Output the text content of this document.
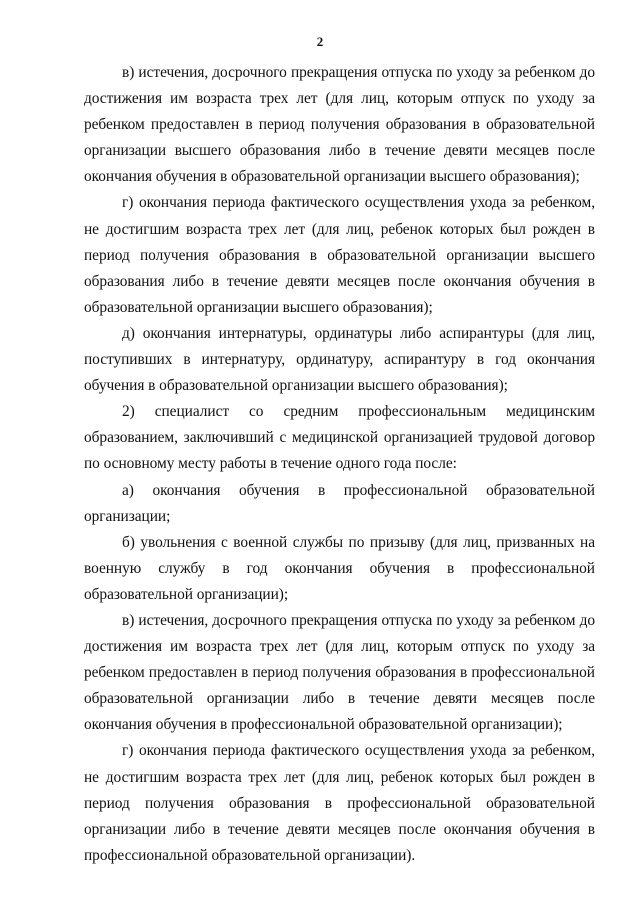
2

в) истечения, досрочного прекращения отпуска по уходу за ребенком до достижения им возраста трех лет (для лиц, которым отпуск по уходу за ребенком предоставлен в период получения образования в образовательной организации высшего образования либо в течение девяти месяцев после окончания обучения в образовательной организации высшего образования);

г) окончания периода фактического осуществления ухода за ребенком, не достигшим возраста трех лет (для лиц, ребенок которых был рожден в период получения образования в образовательной организации высшего образования либо в течение девяти месяцев после окончания обучения в образовательной организации высшего образования);

д) окончания интернатуры, ординатуры либо аспирантуры (для лиц, поступивших в интернатуру, ординатуру, аспирантуру в год окончания обучения в образовательной организации высшего образования);

2) специалист со средним профессиональным медицинским образованием, заключивший с медицинской организацией трудовой договор по основному месту работы в течение одного года после:

а) окончания обучения в профессиональной образовательной организации;

б) увольнения с военной службы по призыву (для лиц, призванных на военную службу в год окончания обучения в профессиональной образовательной организации);

в) истечения, досрочного прекращения отпуска по уходу за ребенком до достижения им возраста трех лет (для лиц, которым отпуск по уходу за ребенком предоставлен в период получения образования в профессиональной образовательной организации либо в течение девяти месяцев после окончания обучения в профессиональной образовательной организации);

г) окончания периода фактического осуществления ухода за ребенком, не достигшим возраста трех лет (для лиц, ребенок которых был рожден в период получения образования в профессиональной образовательной организации либо в течение девяти месяцев после окончания обучения в профессиональной образовательной организации).
